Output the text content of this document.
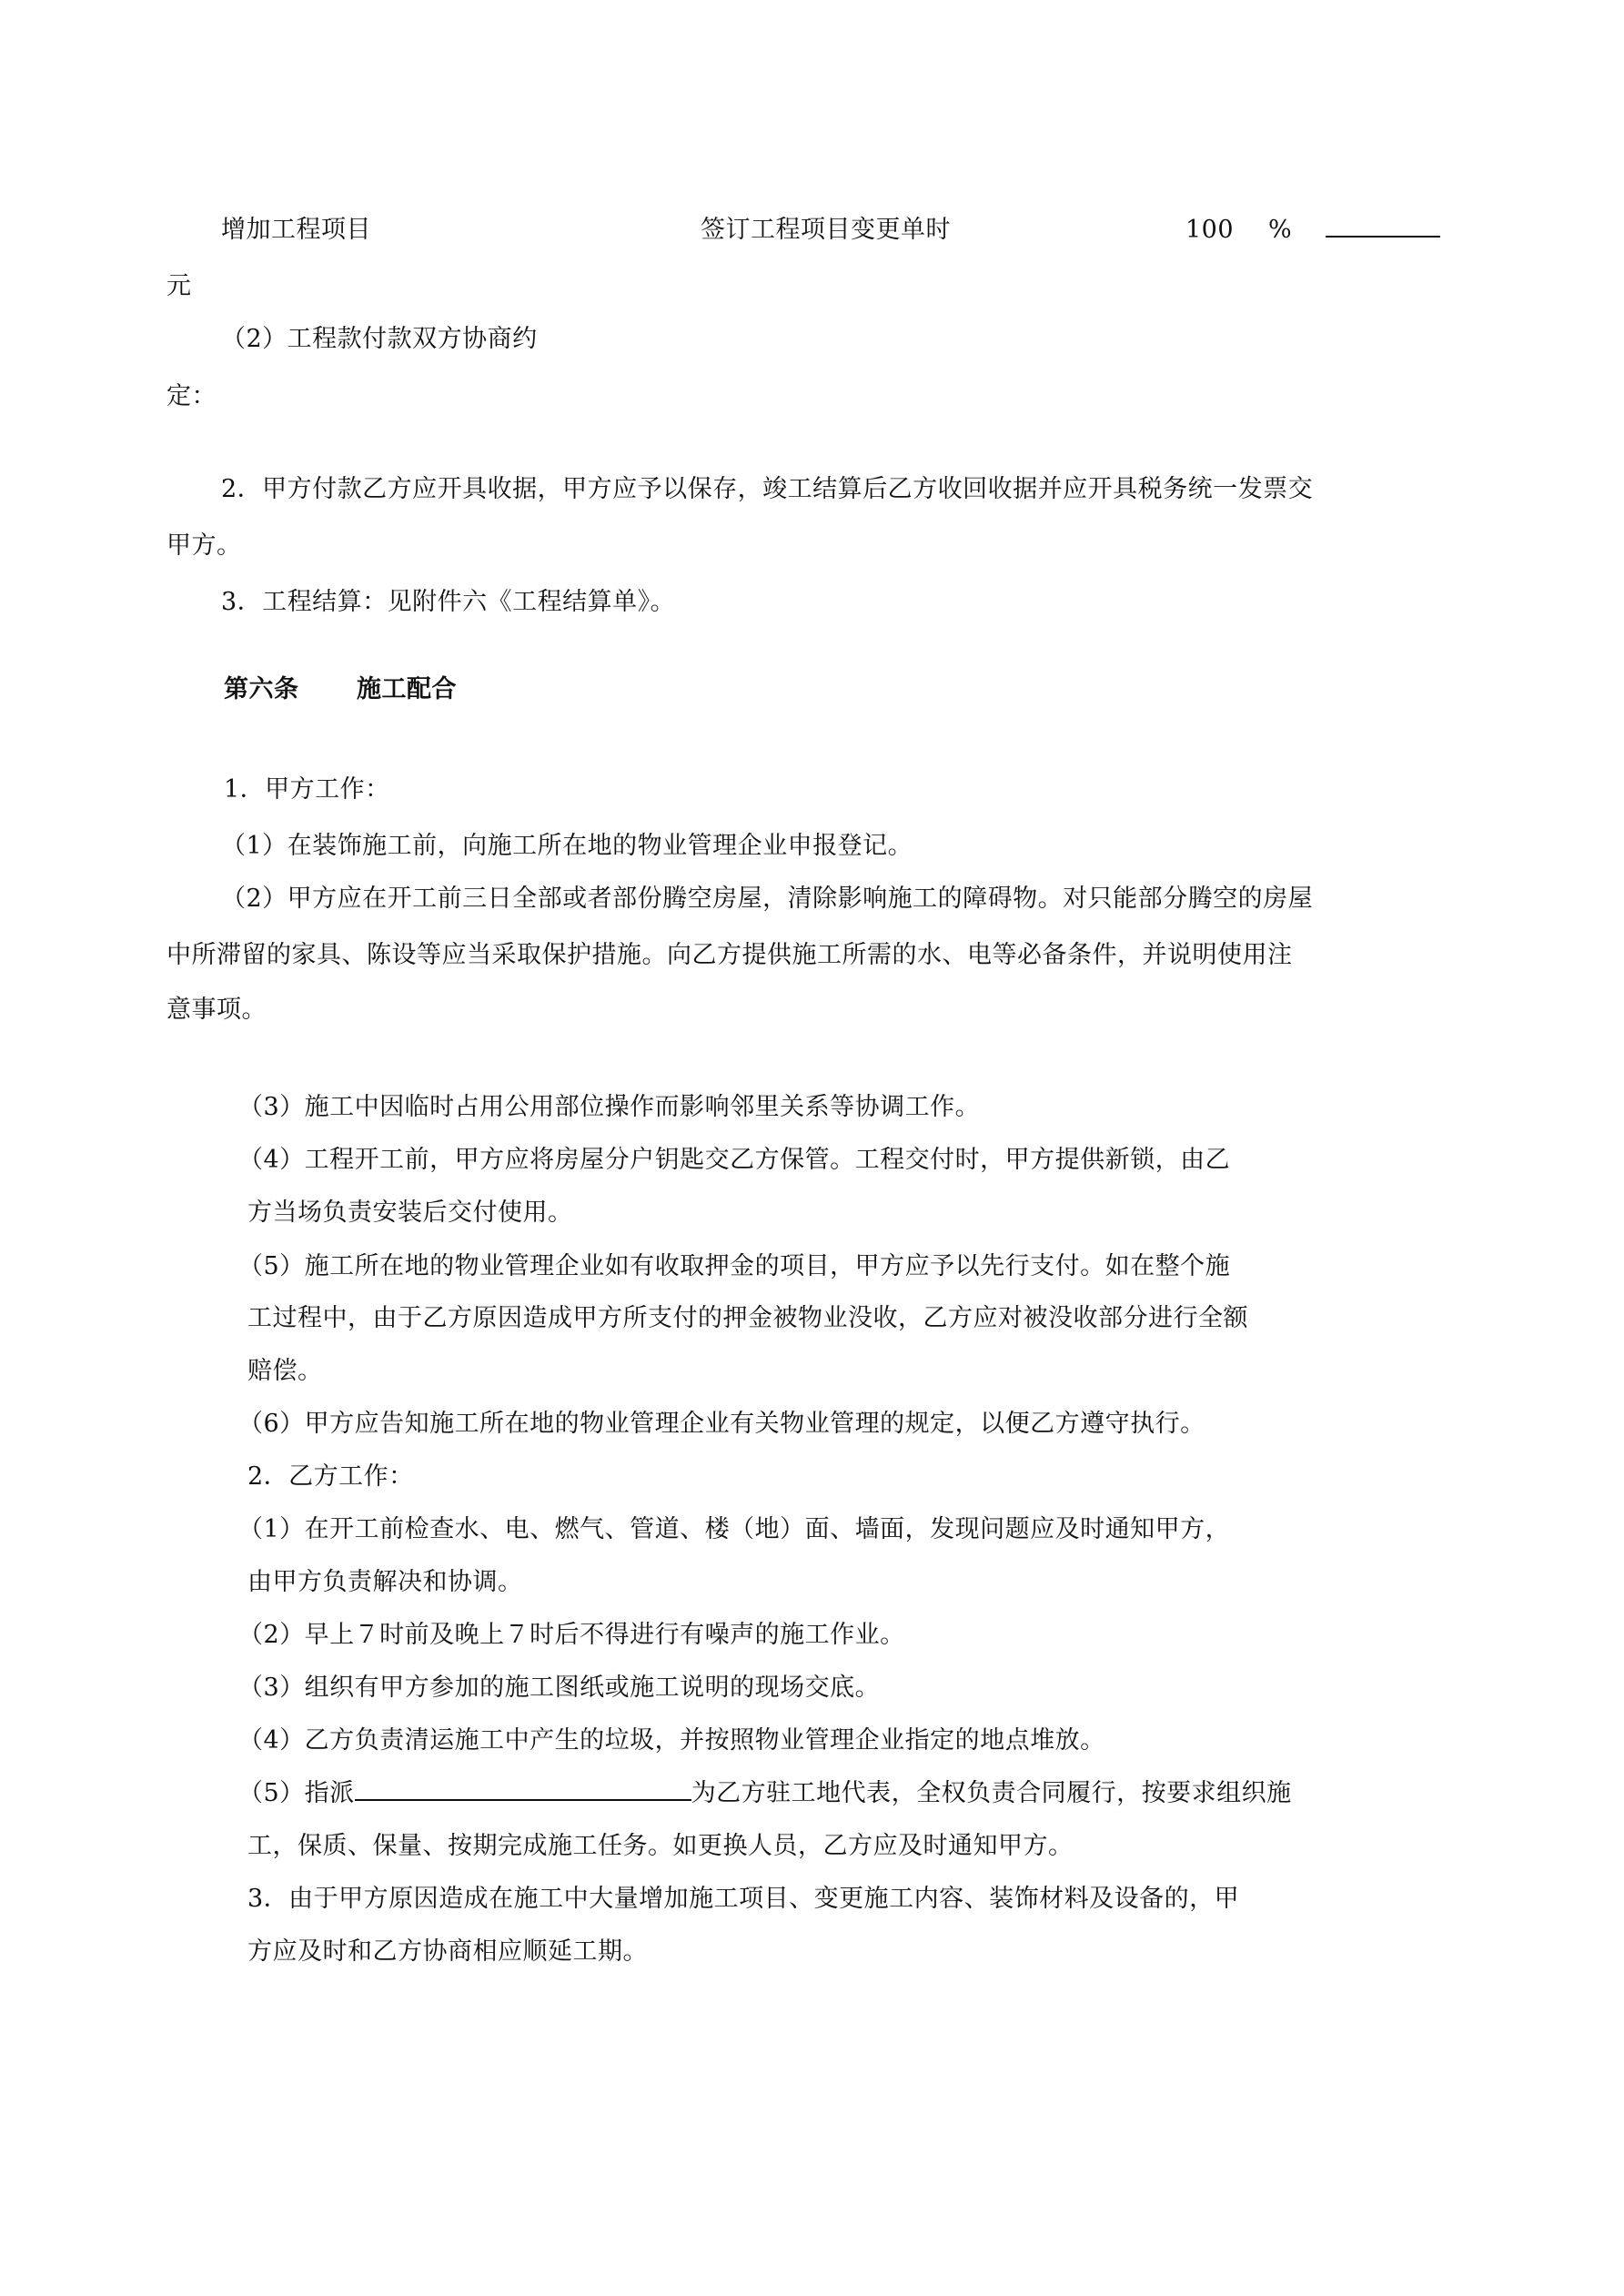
增加工程项目	签订工程项目变更单时	100 %
元
（2）工程款付款双方协商约
定：
2．甲方付款乙方应开具收据，甲方应予以保存，竣工结算后乙方收回收据并应开具税务统一发票交
甲方。
3．工程结算：见附件六《工程结算单》。
第六条 施工配合
1．甲方工作：
（1）在装饰施工前，向施工所在地的物业管理企业申报登记。
（2）甲方应在开工前三日全部或者部份腾空房屋，清除影响施工的障碍物。对只能部分腾空的房屋
中所滞留的家具、陈设等应当采取保护措施。向乙方提供施工所需的水、电等必备条件，并说明使用注
意事项。
（3）施工中因临时占用公用部位操作而影响邻里关系等协调工作。
（4）工程开工前，甲方应将房屋分户钥匙交乙方保管。工程交付时，甲方提供新锁，由乙
方当场负责安装后交付使用。
（5）施工所在地的物业管理企业如有收取押金的项目，甲方应予以先行支付。如在整个施
工过程中，由于乙方原因造成甲方所支付的押金被物业没收，乙方应对被没收部分进行全额
赔偿。
（6）甲方应告知施工所在地的物业管理企业有关物业管理的规定，以便乙方遵守执行。
2．乙方工作：
（1）在开工前检查水、电、燃气、管道、楼（地）面、墙面，发现问题应及时通知甲方，
由甲方负责解决和协调。
（2）早上７时前及晚上７时后不得进行有噪声的施工作业。
（3）组织有甲方参加的施工图纸或施工说明的现场交底。
（4）乙方负责清运施工中产生的垃圾，并按照物业管理企业指定的地点堆放。
（5）指派	为乙方驻工地代表，全权负责合同履行，按要求组织施
工，保质、保量、按期完成施工任务。如更换人员，乙方应及时通知甲方。
3．由于甲方原因造成在施工中大量增加施工项目、变更施工内容、装饰材料及设备的，甲
方应及时和乙方协商相应顺延工期。
